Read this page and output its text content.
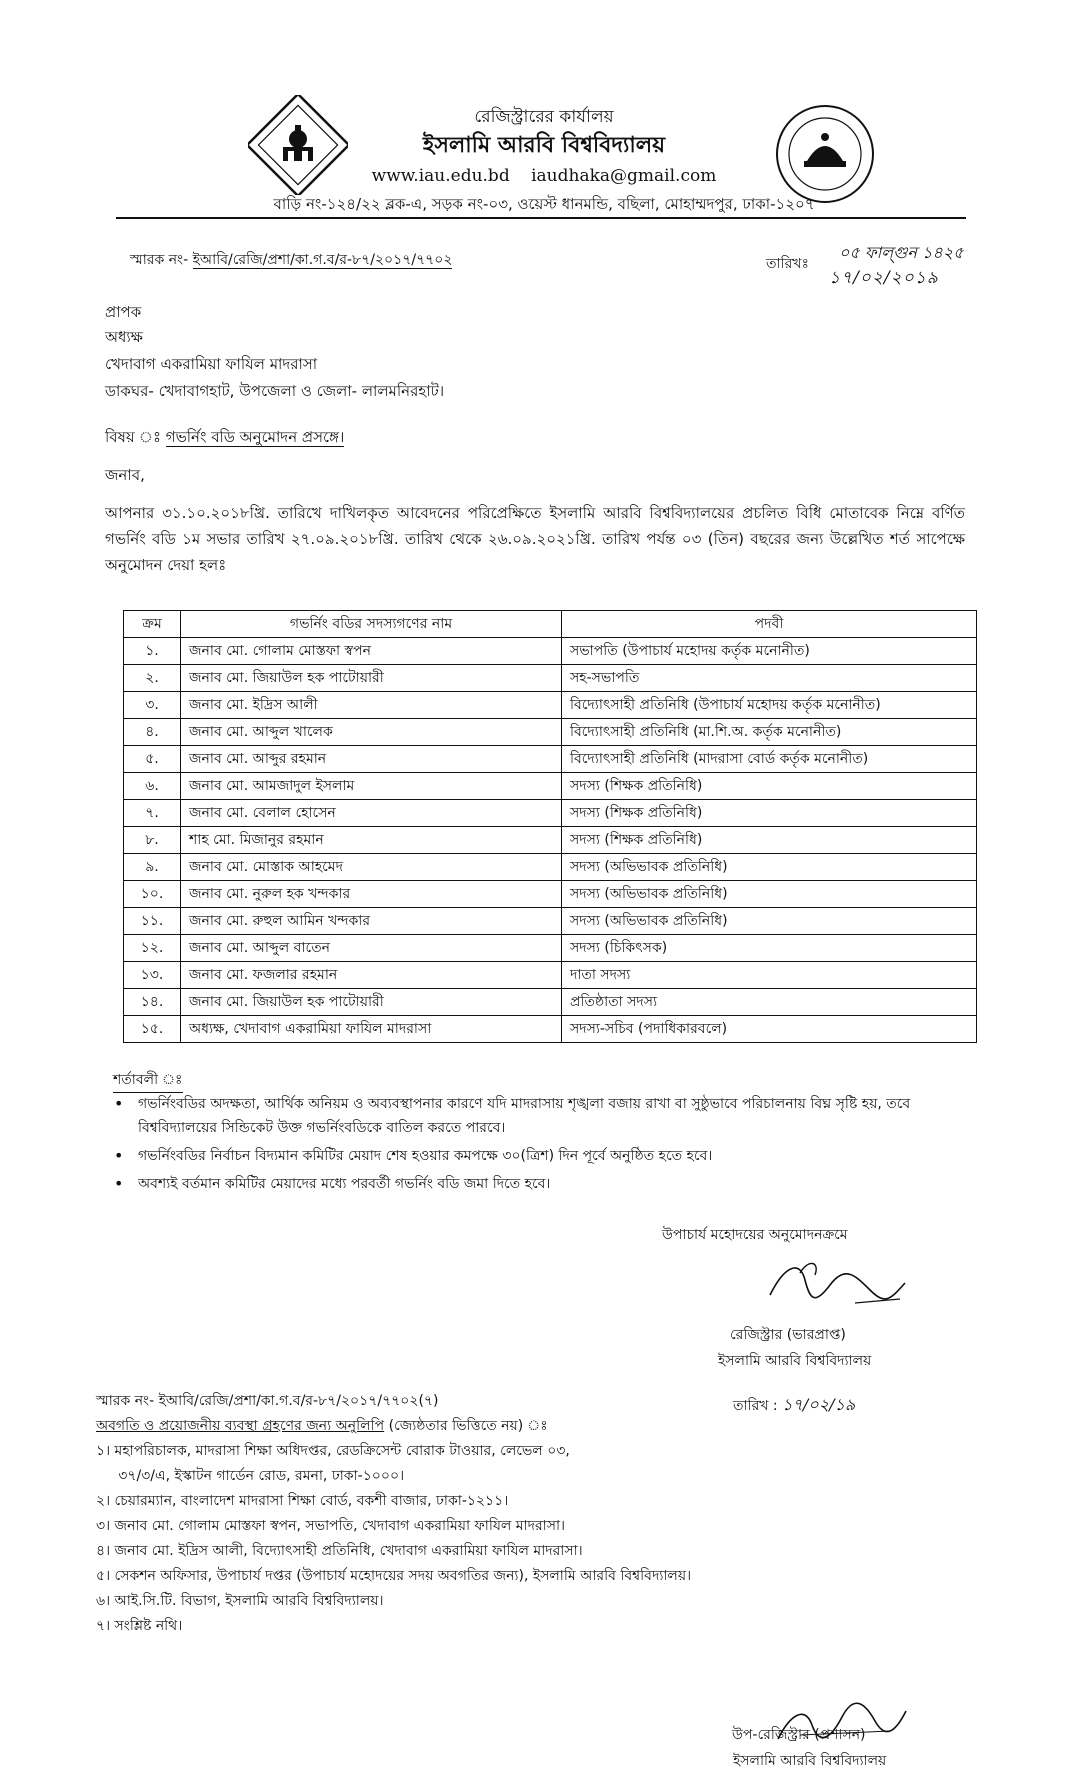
রেজিস্ট্রারের কার্যালয়
ইসলামি আরবি বিশ্ববিদ্যালয়
www.iau.edu.bd iaudhaka@gmail.com
বাড়ি নং-১২৪/২২ ব্লক-এ, সড়ক নং-০৩, ওয়েস্ট ধানমন্ডি, বছিলা, মোহাম্মদপুর, ঢাকা-১২০৭
স্মারক নং- ইআবি/রেজি/প্রশা/কা.গ.ব/র-৮৭/২০১৭/৭৭০২	তারিখঃ
০৫ ফাল্গুন ১৪২৫
১৭/০২/২০১৯
প্রাপক
অধ্যক্ষ
খেদাবাগ একরামিয়া ফাযিল মাদরাসা
ডাকঘর- খেদাবাগহাট, উপজেলা ও জেলা- লালমনিরহাট।
বিষয় ঃ গভর্নিং বডি অনুমোদন প্রসঙ্গে।
জনাব,
আপনার ৩১.১০.২০১৮খ্রি. তারিখে দাখিলকৃত আবেদনের পরিপ্রেক্ষিতে ইসলামি আরবি বিশ্ববিদ্যালয়ের প্রচলিত বিধি মোতাবেক নিম্নে বর্ণিত গভর্নিং বডি ১ম সভার তারিখ ২৭.০৯.২০১৮খ্রি. তারিখ থেকে ২৬.০৯.২০২১খ্রি. তারিখ পর্যন্ত ০৩ (তিন) বছরের জন্য উল্লেখিত শর্ত সাপেক্ষে অনুমোদন দেয়া হলঃ
ক্রম	গভর্নিং বডির সদস্যগণের নাম	পদবী
১.	জনাব মো. গোলাম মোস্তফা স্বপন	সভাপতি (উপাচার্য মহোদয় কর্তৃক মনোনীত)
২.	জনাব মো. জিয়াউল হক পাটোয়ারী	সহ-সভাপতি
৩.	জনাব মো. ইদ্রিস আলী	বিদ্যোৎসাহী প্রতিনিধি (উপাচার্য মহোদয় কর্তৃক মনোনীত)
৪.	জনাব মো. আব্দুল খালেক	বিদ্যোৎসাহী প্রতিনিধি (মা.শি.অ. কর্তৃক মনোনীত)
৫.	জনাব মো. আব্দুর রহমান	বিদ্যোৎসাহী প্রতিনিধি (মাদরাসা বোর্ড কর্তৃক মনোনীত)
৬.	জনাব মো. আমজাদুল ইসলাম	সদস্য (শিক্ষক প্রতিনিধি)
৭.	জনাব মো. বেলাল হোসেন	সদস্য (শিক্ষক প্রতিনিধি)
৮.	শাহ মো. মিজানুর রহমান	সদস্য (শিক্ষক প্রতিনিধি)
৯.	জনাব মো. মোস্তাক আহমেদ	সদস্য (অভিভাবক প্রতিনিধি)
১০.	জনাব মো. নুরুল হক খন্দকার	সদস্য (অভিভাবক প্রতিনিধি)
১১.	জনাব মো. রুহুল আমিন খন্দকার	সদস্য (অভিভাবক প্রতিনিধি)
১২.	জনাব মো. আব্দুল বাতেন	সদস্য (চিকিৎসক)
১৩.	জনাব মো. ফজলার রহমান	দাতা সদস্য
১৪.	জনাব মো. জিয়াউল হক পাটোয়ারী	প্রতিষ্ঠাতা সদস্য
১৫.	অধ্যক্ষ, খেদাবাগ একরামিয়া ফাযিল মাদরাসা	সদস্য-সচিব (পদাধিকারবলে)
শর্তাবলী ঃ
• গভর্নিংবডির অদক্ষতা, আর্থিক অনিয়ম ও অব্যবস্থাপনার কারণে যদি মাদরাসায় শৃঙ্খলা বজায় রাখা বা সুষ্ঠুভাবে পরিচালনায় বিঘ্ন সৃষ্টি হয়, তবে বিশ্ববিদ্যালয়ের সিন্ডিকেট উক্ত গভর্নিংবডিকে বাতিল করতে পারবে।
• গভর্নিংবডির নির্বাচন বিদ্যমান কমিটির মেয়াদ শেষ হওয়ার কমপক্ষে ৩০(ত্রিশ) দিন পূর্বে অনুষ্ঠিত হতে হবে।
• অবশ্যই বর্তমান কমিটির মেয়াদের মধ্যে পরবর্তী গভর্নিং বডি জমা দিতে হবে।
উপাচার্য মহোদয়ের অনুমোদনক্রমে
রেজিস্ট্রার (ভারপ্রাপ্ত)
ইসলামি আরবি বিশ্ববিদ্যালয়
স্মারক নং- ইআবি/রেজি/প্রশা/কা.গ.ব/র-৮৭/২০১৭/৭৭০২(৭)	তারিখ : ১৭/০২/১৯
অবগতি ও প্রয়োজনীয় ব্যবস্থা গ্রহণের জন্য অনুলিপি (জ্যেষ্ঠতার ভিত্তিতে নয়) ঃ
১। মহাপরিচালক, মাদরাসা শিক্ষা অধিদপ্তর, রেডক্রিসেন্ট বোরাক টাওয়ার, লেভেল ০৩,
৩৭/৩/এ, ইস্কাটন গার্ডেন রোড, রমনা, ঢাকা-১০০০।
২। চেয়ারম্যান, বাংলাদেশ মাদরাসা শিক্ষা বোর্ড, বকশী বাজার, ঢাকা-১২১১।
৩। জনাব মো. গোলাম মোস্তফা স্বপন, সভাপতি, খেদাবাগ একরামিয়া ফাযিল মাদরাসা।
৪। জনাব মো. ইদ্রিস আলী, বিদ্যোৎসাহী প্রতিনিধি, খেদাবাগ একরামিয়া ফাযিল মাদরাসা।
৫। সেকশন অফিসার, উপাচার্য দপ্তর (উপাচার্য মহোদয়ের সদয় অবগতির জন্য), ইসলামি আরবি বিশ্ববিদ্যালয়।
৬। আই.সি.টি. বিভাগ, ইসলামি আরবি বিশ্ববিদ্যালয়।
৭। সংশ্লিষ্ট নথি।
উপ-রেজিস্ট্রার (প্রশাসন)
ইসলামি আরবি বিশ্ববিদ্যালয়
